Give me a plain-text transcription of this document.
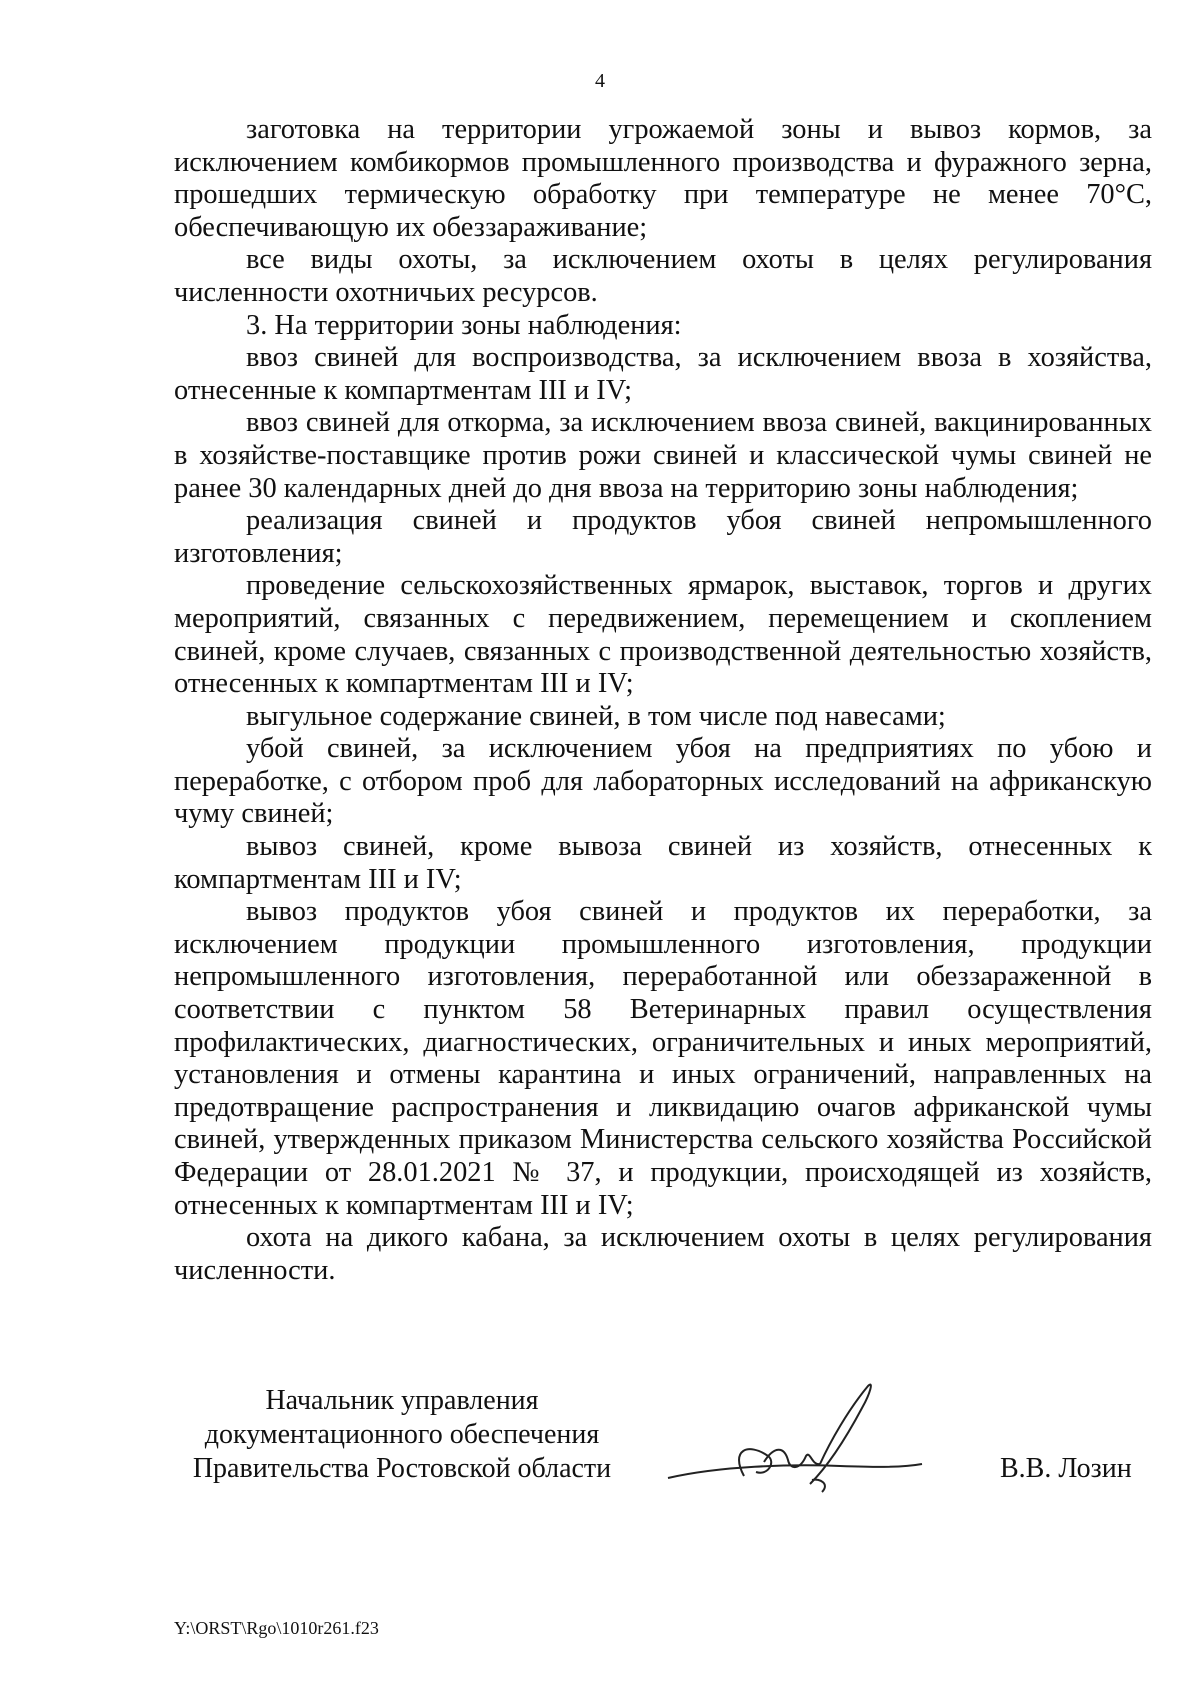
4

заготовка на территории угрожаемой зоны и вывоз кормов, за исключением комбикормов промышленного производства и фуражного зерна, прошедших термическую обработку при температуре не менее 70°С, обеспечивающую их обеззараживание;

все виды охоты, за исключением охоты в целях регулирования численности охотничьих ресурсов.

3. На территории зоны наблюдения:

ввоз свиней для воспроизводства, за исключением ввоза в хозяйства, отнесенные к компартментам III и IV;

ввоз свиней для откорма, за исключением ввоза свиней, вакцинированных в хозяйстве-поставщике против рожи свиней и классической чумы свиней не ранее 30 календарных дней до дня ввоза на территорию зоны наблюдения;

реализация свиней и продуктов убоя свиней непромышленного изготовления;

проведение сельскохозяйственных ярмарок, выставок, торгов и других мероприятий, связанных с передвижением, перемещением и скоплением свиней, кроме случаев, связанных с производственной деятельностью хозяйств, отнесенных к компартментам III и IV;

выгульное содержание свиней, в том числе под навесами;

убой свиней, за исключением убоя на предприятиях по убою и переработке, с отбором проб для лабораторных исследований на африканскую чуму свиней;

вывоз свиней, кроме вывоза свиней из хозяйств, отнесенных к компартментам III и IV;

вывоз продуктов убоя свиней и продуктов их переработки, за исключением продукции промышленного изготовления, продукции непромышленного изготовления, переработанной или обеззараженной в соответствии с пунктом 58 Ветеринарных правил осуществления профилактических, диагностических, ограничительных и иных мероприятий, установления и отмены карантина и иных ограничений, направленных на предотвращение распространения и ликвидацию очагов африканской чумы свиней, утвержденных приказом Министерства сельского хозяйства Российской Федерации от 28.01.2021 № 37, и продукции, происходящей из хозяйств, отнесенных к компартментам III и IV;

охота на дикого кабана, за исключением охоты в целях регулирования численности.

Начальник управления
документационного обеспечения
Правительства Ростовской области	В.В. Лозин
Y:\ORST\Rgo\1010r261.f23
